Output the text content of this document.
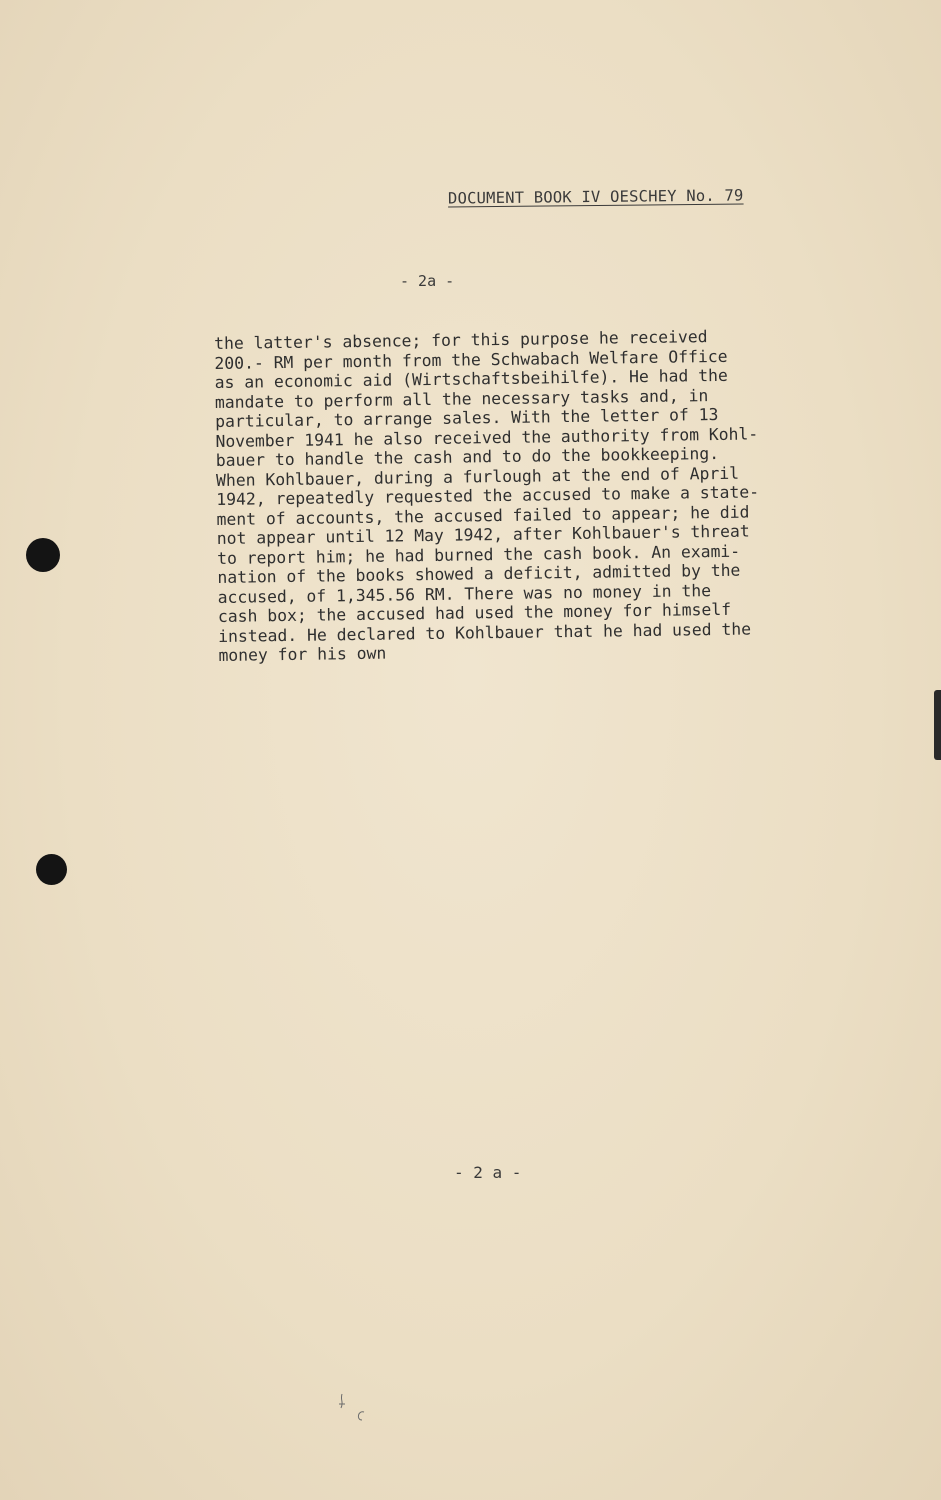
DOCUMENT BOOK IV OESCHEY No. 79
- 2a -
the latter's absence; for this purpose he received
200.- RM per month from the Schwabach Welfare Office
as an economic aid (Wirtschaftsbeihilfe). He had the
mandate to perform all the necessary tasks and, in
particular, to arrange sales. With the letter of 13
November 1941 he also received the authority from Kohl-
bauer to handle the cash and to do the bookkeeping.
When Kohlbauer, during a furlough at the end of April
1942, repeatedly requested the accused to make a state-
ment of accounts, the accused failed to appear; he did
not appear until 12 May 1942, after Kohlbauer's threat
to report him; he had burned the cash book. An exami-
nation of the books showed a deficit, admitted by the
accused, of 1,345.56 RM. There was no money in the
cash box; the accused had used the money for himself
instead. He declared to Kohlbauer that he had used the
money for his own
- 2 a -
